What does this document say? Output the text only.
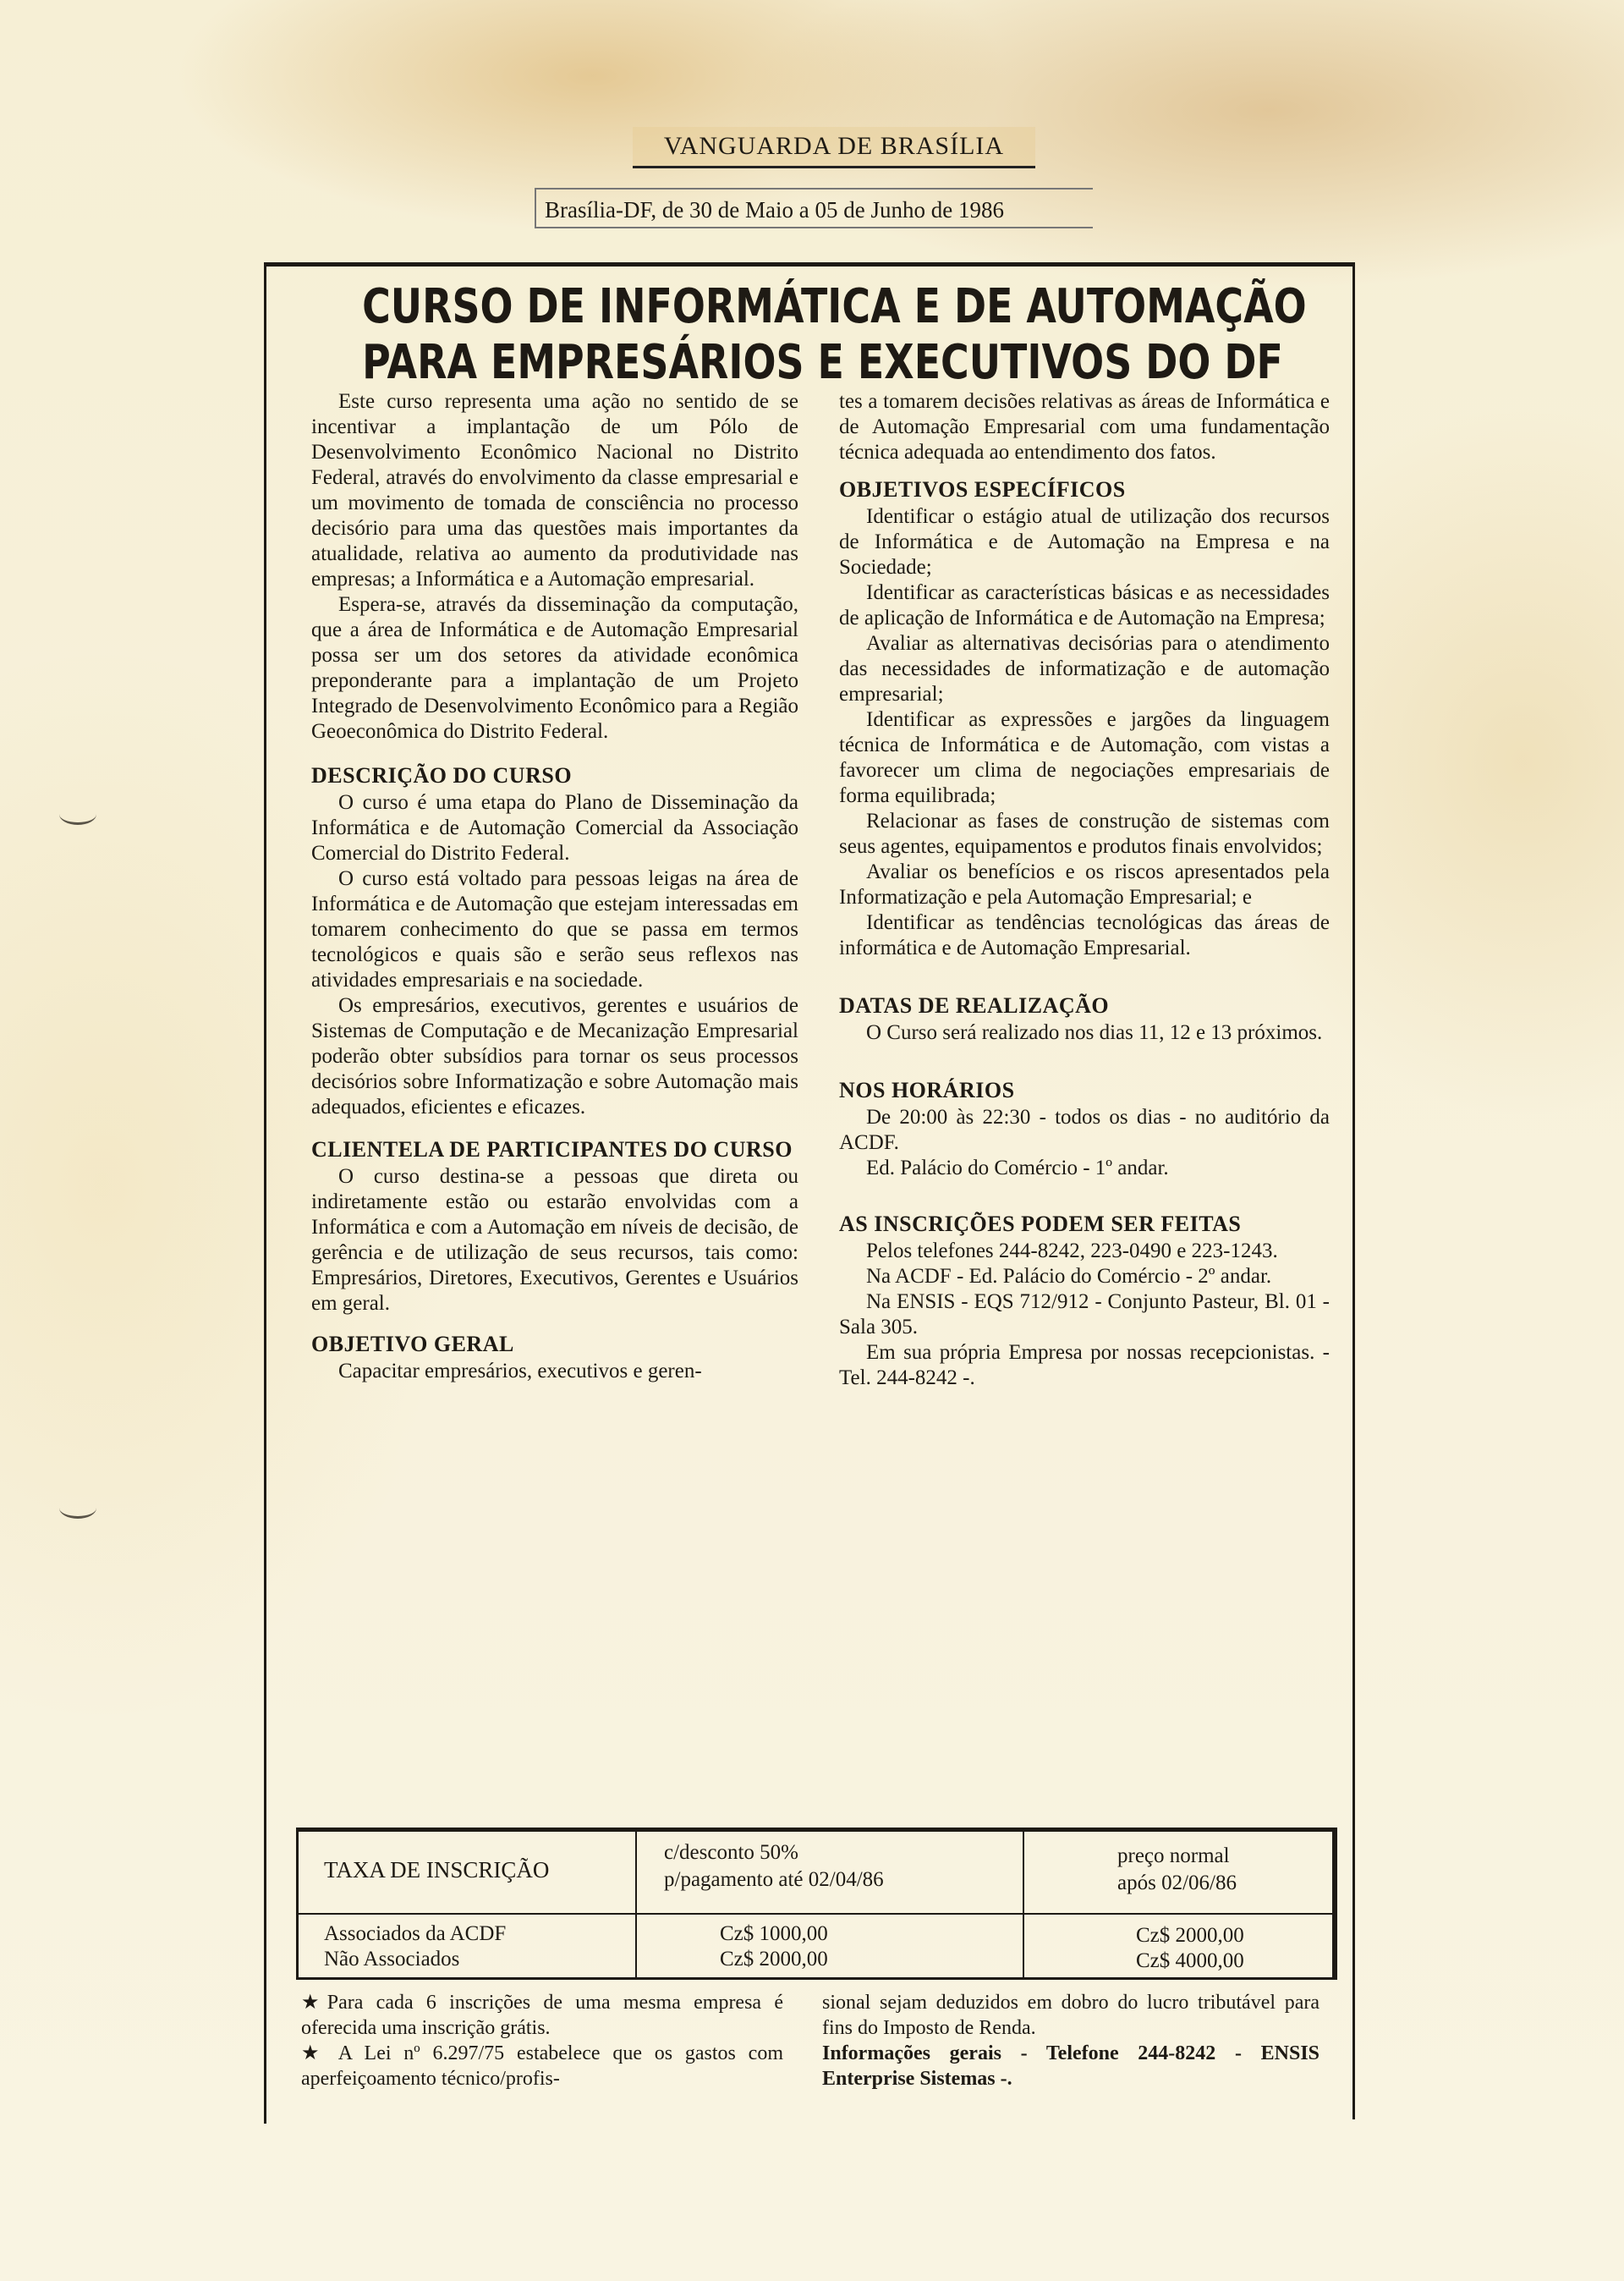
VANGUARDA DE BRASÍLIA
Brasília-DF, de 30 de Maio a 05 de Junho de 1986
CURSO DE INFORMÁTICA E DE AUTOMAÇÃO
PARA EMPRESÁRIOS E EXECUTIVOS DO DF

Este curso representa uma ação no sentido de se incentivar a implantação de um Pólo de Desenvolvimento Econômico Nacional no Distrito Federal, através do envolvimento da classe empresarial e um movimento de tomada de consciência no processo decisório para uma das questões mais importantes da atualidade, relativa ao aumento da produtividade nas empresas; a Informática e a Automação empresarial.

Espera-se, através da disseminação da computação, que a área de Informática e de Automação Empresarial possa ser um dos setores da atividade econômica preponderante para a implantação de um Projeto Integrado de Desenvolvimento Econômico para a Região Geoeconômica do Distrito Federal.

DESCRIÇÃO DO CURSO

O curso é uma etapa do Plano de Disseminação da Informática e de Automação Comercial da Associação Comercial do Distrito Federal.

O curso está voltado para pessoas leigas na área de Informática e de Automação que estejam interessadas em tomarem conhecimento do que se passa em termos tecnológicos e quais são e serão seus reflexos nas atividades empresariais e na sociedade.

Os empresários, executivos, gerentes e usuários de Sistemas de Computação e de Mecanização Empresarial poderão obter subsídios para tornar os seus processos decisórios sobre Informatização e sobre Automação mais adequados, eficientes e eficazes.

CLIENTELA DE PARTICIPANTES DO CURSO

O curso destina-se a pessoas que direta ou indiretamente estão ou estarão envolvidas com a Informática e com a Automação em níveis de decisão, de gerência e de utilização de seus recursos, tais como: Empresários, Diretores, Executivos, Gerentes e Usuários em geral.

OBJETIVO GERAL

Capacitar empresários, executivos e geren-

tes a tomarem decisões relativas as áreas de Informática e de Automação Empresarial com uma fundamentação técnica adequada ao entendimento dos fatos.

OBJETIVOS ESPECÍFICOS

Identificar o estágio atual de utilização dos recursos de Informática e de Automação na Empresa e na Sociedade;

Identificar as características básicas e as necessidades de aplicação de Informática e de Automação na Empresa;

Avaliar as alternativas decisórias para o atendimento das necessidades de informatização e de automação empresarial;

Identificar as expressões e jargões da linguagem técnica de Informática e de Automação, com vistas a favorecer um clima de negociações empresariais de forma equilibrada;

Relacionar as fases de construção de sistemas com seus agentes, equipamentos e produtos finais envolvidos;

Avaliar os benefícios e os riscos apresentados pela Informatização e pela Automação Empresarial; e

Identificar as tendências tecnológicas das áreas de informática e de Automação Empresarial.

DATAS DE REALIZAÇÃO

O Curso será realizado nos dias 11, 12 e 13 próximos.

NOS HORÁRIOS

De 20:00 às 22:30 - todos os dias - no auditório da ACDF.

Ed. Palácio do Comércio - 1º andar.

AS INSCRIÇÕES PODEM SER FEITAS

Pelos telefones 244-8242, 223-0490 e 223-1243.

Na ACDF - Ed. Palácio do Comércio - 2º andar.

Na ENSIS - EQS 712/912 - Conjunto Pasteur, Bl. 01 - Sala 305.

Em sua própria Empresa por nossas recepcionistas. - Tel. 244-8242 -.

TAXA DE INSCRIÇÃO
c/desconto 50%
p/pagamento até 02/04/86
preço normal
após 02/06/86
Associados da ACDF
Não Associados
Cz$ 1000,00
Cz$ 2000,00
Cz$ 2000,00
Cz$ 4000,00

★Para cada 6 inscrições de uma mesma empresa é oferecida uma inscrição grátis.

★ A Lei nº 6.297/75 estabelece que os gastos com aperfeiçoamento técnico/profis-

sional sejam deduzidos em dobro do lucro tributável para fins do Imposto de Renda.

Informações gerais - Telefone 244-8242 - ENSIS Enterprise Sistemas -.
